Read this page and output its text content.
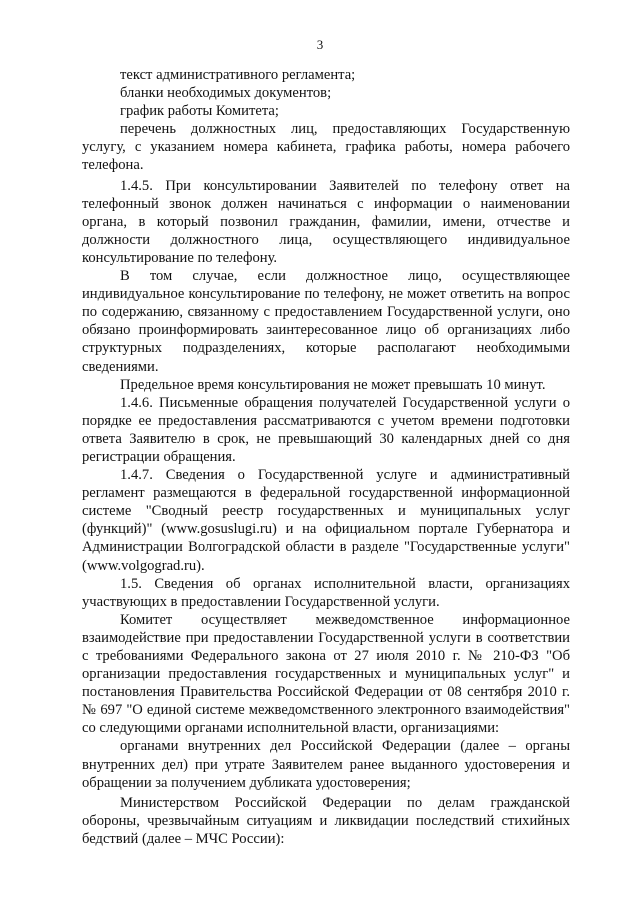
3

текст административного регламента;

бланки необходимых документов;

график работы Комитета;

перечень должностных лиц, предоставляющих Государственную услугу, с указанием номера кабинета, графика работы, номера рабочего телефона.

1.4.5. При консультировании Заявителей по телефону ответ на телефонный звонок должен начинаться с информации о наименовании органа, в который позвонил гражданин, фамилии, имени, отчестве и должности должностного лица, осуществляющего индивидуальное консультирование по телефону.

В том случае, если должностное лицо, осуществляющее индивидуальное консультирование по телефону, не может ответить на вопрос по содержанию, связанному с предоставлением Государственной услуги, оно обязано проинформировать заинтересованное лицо об организациях либо структурных подразделениях, которые располагают необходимыми сведениями.

Предельное время консультирования не может превышать 10 минут.

1.4.6. Письменные обращения получателей Государственной услуги о порядке ее предоставления рассматриваются с учетом времени подготовки ответа Заявителю в срок, не превышающий 30 календарных дней со дня регистрации обращения.

1.4.7. Сведения о Государственной услуге и административный регламент размещаются в федеральной государственной информационной системе "Сводный реестр государственных и муниципальных услуг (функций)" (www.gosuslugi.ru) и на официальном портале Губернатора и Администрации Волгоградской области в разделе "Государственные услуги" (www.volgograd.ru).

1.5. Сведения об органах исполнительной власти, организациях участвующих в предоставлении Государственной услуги.

Комитет осуществляет межведомственное информационное взаимодействие при предоставлении Государственной услуги в соответствии с требованиями Федерального закона от 27 июля 2010 г. № 210-ФЗ "Об организации предоставления государственных и муниципальных услуг" и постановления Правительства Российской Федерации от 08 сентября 2010 г. № 697 "О единой системе межведомственного электронного взаимодействия" со следующими органами исполнительной власти, организациями:

органами внутренних дел Российской Федерации (далее – органы внутренних дел) при утрате Заявителем ранее выданного удостоверения и обращении за получением дубликата удостоверения;

Министерством Российской Федерации по делам гражданской обороны, чрезвычайным ситуациям и ликвидации последствий стихийных бедствий (далее – МЧС России):
